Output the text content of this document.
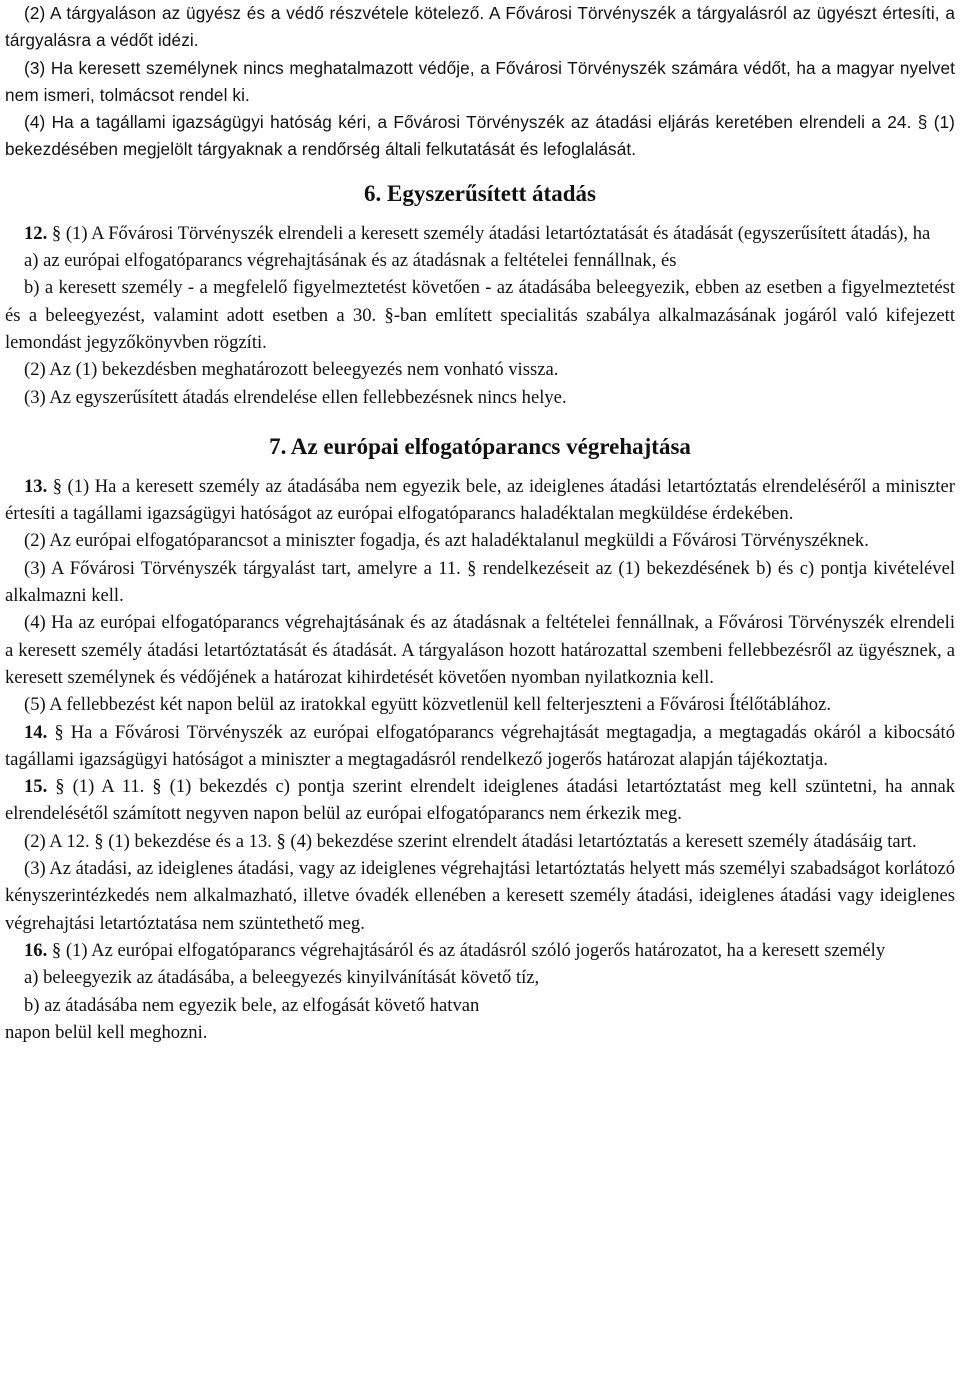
(2) A tárgyaláson az ügyész és a védő részvétele kötelező. A Fővárosi Törvényszék a tárgyalásról az ügyészt értesíti, a tárgyalásra a védőt idézi.

(3) Ha keresett személynek nincs meghatalmazott védője, a Fővárosi Törvényszék számára védőt, ha a magyar nyelvet nem ismeri, tolmácsot rendel ki.

(4) Ha a tagállami igazságügyi hatóság kéri, a Fővárosi Törvényszék az átadási eljárás keretében elrendeli a 24. § (1) bekezdésében megjelölt tárgyaknak a rendőrség általi felkutatását és lefoglalását.

6. Egyszerűsített átadás

12. § (1) A Fővárosi Törvényszék elrendeli a keresett személy átadási letartóztatását és átadását (egyszerűsített átadás), ha

a) az európai elfogatóparancs végrehajtásának és az átadásnak a feltételei fennállnak, és

b) a keresett személy - a megfelelő figyelmeztetést követően - az átadásába beleegyezik, ebben az esetben a figyelmeztetést és a beleegyezést, valamint adott esetben a 30. §-ban említett specialitás szabálya alkalmazásának jogáról való kifejezett lemondást jegyzőkönyvben rögzíti.

(2) Az (1) bekezdésben meghatározott beleegyezés nem vonható vissza.

(3) Az egyszerűsített átadás elrendelése ellen fellebbezésnek nincs helye.

7. Az európai elfogatóparancs végrehajtása

13. § (1) Ha a keresett személy az átadásába nem egyezik bele, az ideiglenes átadási letartóztatás elrendeléséről a miniszter értesíti a tagállami igazságügyi hatóságot az európai elfogatóparancs haladéktalan megküldése érdekében.

(2) Az európai elfogatóparancsot a miniszter fogadja, és azt haladéktalanul megküldi a Fővárosi Törvényszéknek.

(3) A Fővárosi Törvényszék tárgyalást tart, amelyre a 11. § rendelkezéseit az (1) bekezdésének b) és c) pontja kivételével alkalmazni kell.

(4) Ha az európai elfogatóparancs végrehajtásának és az átadásnak a feltételei fennállnak, a Fővárosi Törvényszék elrendeli a keresett személy átadási letartóztatását és átadását. A tárgyaláson hozott határozattal szembeni fellebbezésről az ügyésznek, a keresett személynek és védőjének a határozat kihirdetését követően nyomban nyilatkoznia kell.

(5) A fellebbezést két napon belül az iratokkal együtt közvetlenül kell felterjeszteni a Fővárosi Ítélőtáblához.

14. § Ha a Fővárosi Törvényszék az európai elfogatóparancs végrehajtását megtagadja, a megtagadás okáról a kibocsátó tagállami igazságügyi hatóságot a miniszter a megtagadásról rendelkező jogerős határozat alapján tájékoztatja.

15. § (1) A 11. § (1) bekezdés c) pontja szerint elrendelt ideiglenes átadási letartóztatást meg kell szüntetni, ha annak elrendelésétől számított negyven napon belül az európai elfogatóparancs nem érkezik meg.

(2) A 12. § (1) bekezdése és a 13. § (4) bekezdése szerint elrendelt átadási letartóztatás a keresett személy átadásáig tart.

(3) Az átadási, az ideiglenes átadási, vagy az ideiglenes végrehajtási letartóztatás helyett más személyi szabadságot korlátozó kényszerintézkedés nem alkalmazható, illetve óvadék ellenében a keresett személy átadási, ideiglenes átadási vagy ideiglenes végrehajtási letartóztatása nem szüntethető meg.

16. § (1) Az európai elfogatóparancs végrehajtásáról és az átadásról szóló jogerős határozatot, ha a keresett személy

a) beleegyezik az átadásába, a beleegyezés kinyilvánítását követő tíz,

b) az átadásába nem egyezik bele, az elfogását követő hatvan

napon belül kell meghozni.
